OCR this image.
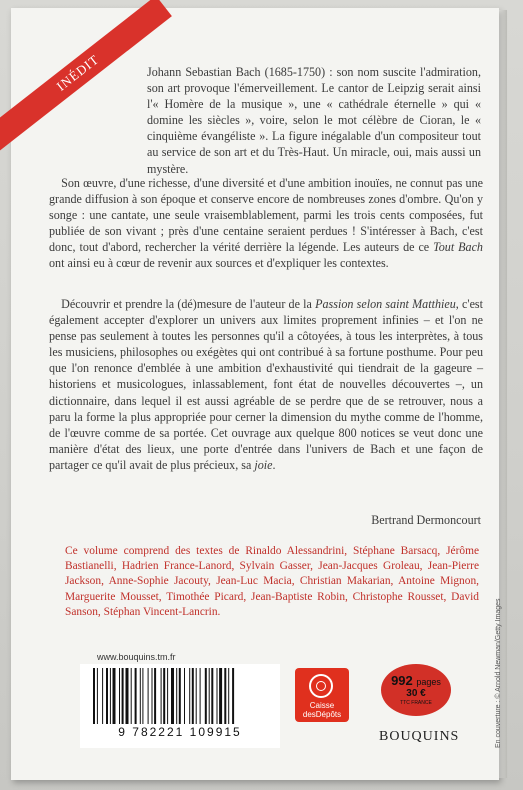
INÉDIT	Johann Sebastian Bach (1685-1750) : son nom suscite l'admiration, son art provoque l'émerveillement. Le cantor de Leipzig serait ainsi l'« Homère de la musique », une « cathédrale éternelle » qui « domine les siècles », voire, selon le mot célèbre de Cioran, le « cinquième évangéliste ». La figure inégalable d'un compositeur tout au service de son art et du Très-Haut. Un miracle, oui, mais aussi un mystère.

 Son œuvre, d'une richesse, d'une diversité et d'une ambition inouïes, ne connut pas une grande diffusion à son époque et conserve encore de nombreuses zones d'ombre. Qu'on y songe : une cantate, une seule vraisemblablement, parmi les trois cents composées, fut publiée de son vivant ; près d'une centaine seraient perdues ! S'intéresser à Bach, c'est donc, tout d'abord, rechercher la vérité derrière la légende. Les auteurs de ce Tout Bach ont ainsi eu à cœur de revenir aux sources et d'expliquer les contextes.

 Découvrir et prendre la (dé)mesure de l'auteur de la Passion selon saint Matthieu, c'est également accepter d'explorer un univers aux limites proprement infinies – et l'on ne pense pas seulement à toutes les personnes qu'il a côtoyées, à tous les interprètes, à tous les musiciens, philosophes ou exégètes qui ont contribué à sa fortune posthume. Pour peu que l'on renonce d'emblée à une ambition d'exhaustivité qui tiendrait de la gageure – historiens et musicologues, inlassablement, font état de nouvelles découvertes –, un dictionnaire, dans lequel il est aussi agréable de se perdre que de se retrouver, nous a paru la forme la plus appropriée pour cerner la dimension du mythe comme de l'homme, de l'œuvre comme de sa portée. Cet ouvrage aux quelque 800 notices se veut donc une manière d'état des lieux, une porte d'entrée dans l'univers de Bach et une façon de partager ce qu'il avait de plus précieux, sa joie.

Bertrand Dermoncourt
Ce volume comprend des textes de Rinaldo Alessandrini, Stéphane Barsacq, Jérôme Bastianelli, Hadrien France-Lanord, Sylvain Gasser, Jean-Jacques Groleau, Jean-Pierre Jackson, Anne-Sophie Jacouty, Jean-Luc Macia, Christian Makarian, Antoine Mignon, Marguerite Mousset, Timothée Picard, Jean-Baptiste Robin, Christophe Rousset, David Sanson, Stéphan Vincent-Lancrin.
www.bouquins.tm.fr
9 782221 109915
Caisse
desDépôts
992 pages
30 €
TTC FRANCE
BOUQUINS	En couverture : © Arnold Newman/Getty Images
